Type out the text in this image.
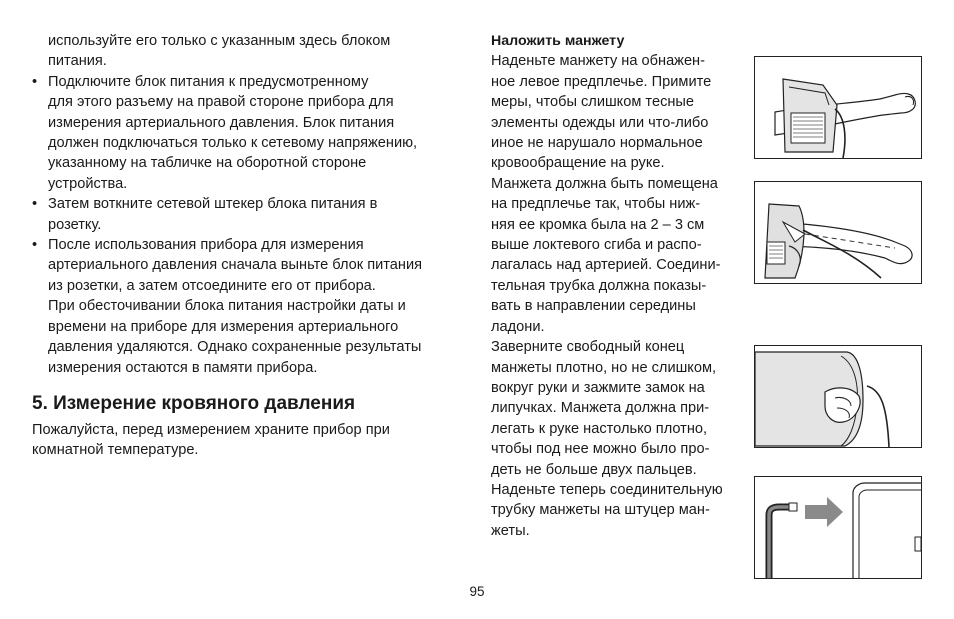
используйте его только с указанным здесь блоком
питания.
• Подключите блок питания к предусмотренному
для этого разъему на правой стороне прибора для
измерения артериального давления. Блок питания
должен подключаться только к сетевому напряжению,
указанному на табличке на оборотной стороне
устройства.
• Затем воткните сетевой штекер блока питания в
розетку.
• После использования прибора для измерения
артериального давления сначала выньте блок питания
из розетки, а затем отсоедините его от прибора.
При обесточивании блока питания настройки даты и
времени на приборе для измерения артериального
давления удаляются. Однако сохраненные результаты
измерения остаются в памяти прибора.
5. Измерение кровяного давления
Пожалуйста, перед измерением храните прибор при
комнатной температуре.
Наложить манжету
Наденьте манжету на обнажен-
ное левое предплечье. Примите
меры, чтобы слишком тесные
элементы одежды или что-либо
иное не нарушало нормальное
кровообращение на руке.
Манжета должна быть помещена
на предплечье так, чтобы ниж-
няя ее кромка была на 2 – 3 см
выше локтевого сгиба и распо-
лагалась над артерией. Соедини-
тельная трубка должна показы-
вать в направлении середины
ладони.
Заверните свободный конец
манжеты плотно, но не слишком,
вокруг руки и зажмите замок на
липучках. Манжета должна при-
легать к руке настолько плотно,
чтобы под нее можно было про-
деть не больше двух пальцев.
Наденьте теперь соединительную
трубку манжеты на штуцер ман-
жеты.
95
